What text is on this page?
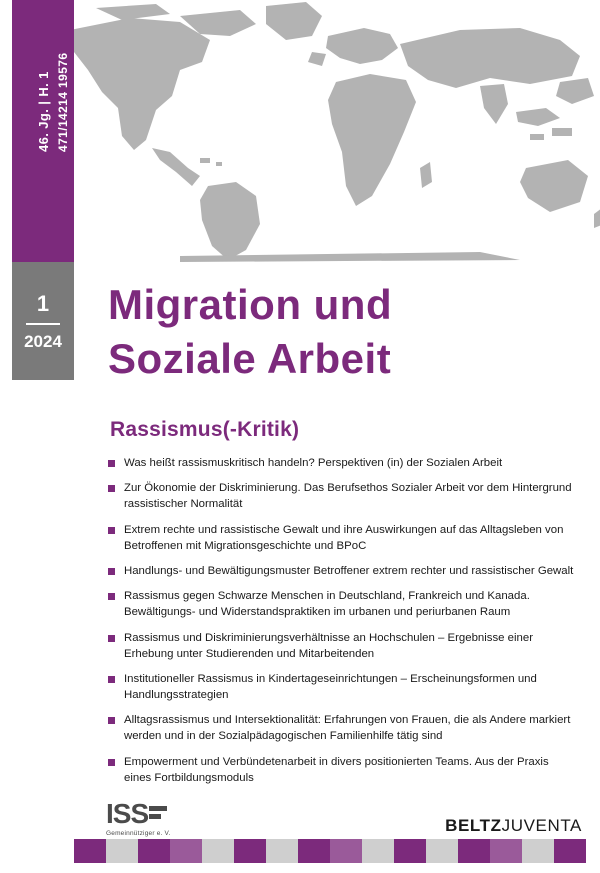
46. Jg. | H. 1 471/14214 19576
1
2024
Migration und
Soziale Arbeit
Rassismus(-Kritik)
Was heißt rassismuskritisch handeln? Perspektiven (in) der Sozialen Arbeit
Zur Ökonomie der Diskriminierung. Das Berufsethos Sozialer Arbeit vor dem Hintergrund rassistischer Normalität
Extrem rechte und rassistische Gewalt und ihre Auswirkungen auf das Alltagsleben von Betroffenen mit Migrationsgeschichte und BPoC
Handlungs- und Bewältigungsmuster Betroffener extrem rechter und rassistischer Gewalt
Rassismus gegen Schwarze Menschen in Deutschland, Frankreich und Kanada. Bewältigungs- und Widerstandspraktiken im urbanen und periurbanen Raum
Rassismus und Diskriminierungsverhältnisse an Hochschulen – Ergebnisse einer Erhebung unter Studierenden und Mitarbeitenden
Institutioneller Rassismus in Kindertageseinrichtungen – Erscheinungsformen und Handlungsstrategien
Alltagsrassismus und Intersektionalität: Erfahrungen von Frauen, die als Andere markiert werden und in der Sozialpädagogischen Familienhilfe tätig sind
Empowerment und Verbündetenarbeit in divers positionierten Teams. Aus der Praxis eines Fortbildungsmoduls
ISS
Gemeinnütziger e. V.	BELTZJUVENTA
